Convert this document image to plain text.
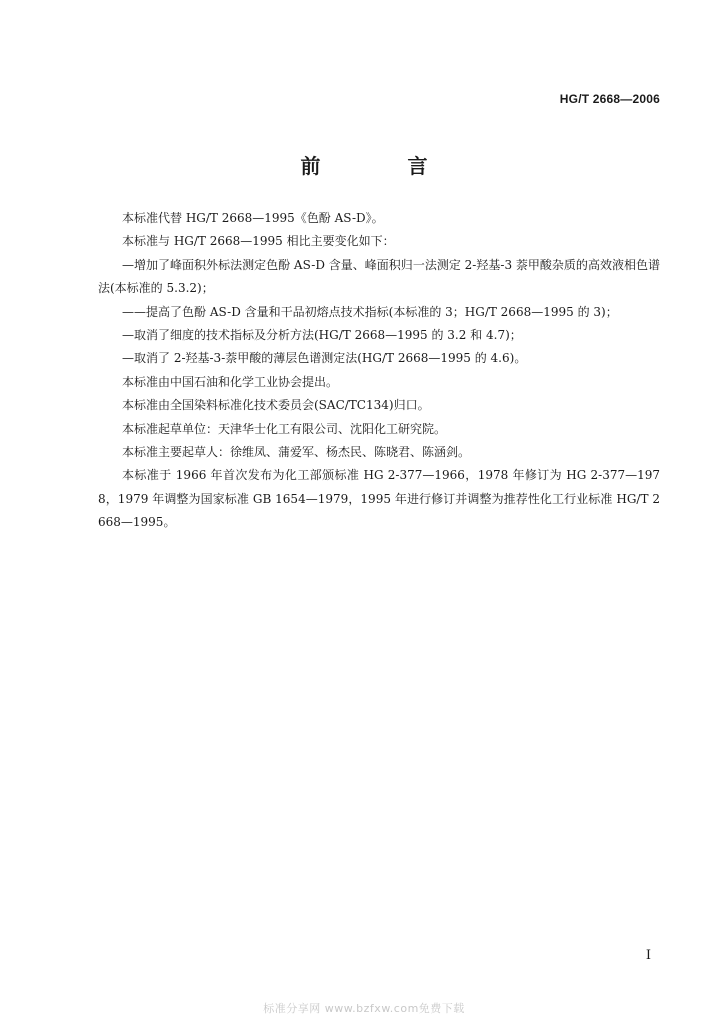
HG/T 2668—2006
前 言

本标准代替 HG/T 2668—1995《色酚 AS-D》。

本标准与 HG/T 2668—1995 相比主要变化如下：

—增加了峰面积外标法测定色酚 AS-D 含量、峰面积归一法测定 2-羟基-3 萘甲酸杂质的高效液相色谱法(本标准的 5.3.2)；

——提高了色酚 AS-D 含量和干品初熔点技术指标(本标准的 3；HG/T 2668—1995 的 3)；

—取消了细度的技术指标及分析方法(HG/T 2668—1995 的 3.2 和 4.7)；

—取消了 2-羟基-3-萘甲酸的薄层色谱测定法(HG/T 2668—1995 的 4.6)。

本标准由中国石油和化学工业协会提出。

本标准由全国染料标准化技术委员会(SAC/TC134)归口。

本标准起草单位：天津华士化工有限公司、沈阳化工研究院。

本标准主要起草人：徐维凤、蒲爱军、杨杰民、陈晓君、陈涵剑。

本标准于 1966 年首次发布为化工部颁标准 HG 2-377—1966，1978 年修订为 HG 2-377—1978，1979 年调整为国家标准 GB 1654—1979，1995 年进行修订并调整为推荐性化工行业标准 HG/T 2668—1995。

I
标准分享网 www.bzfxw.com免费下载
